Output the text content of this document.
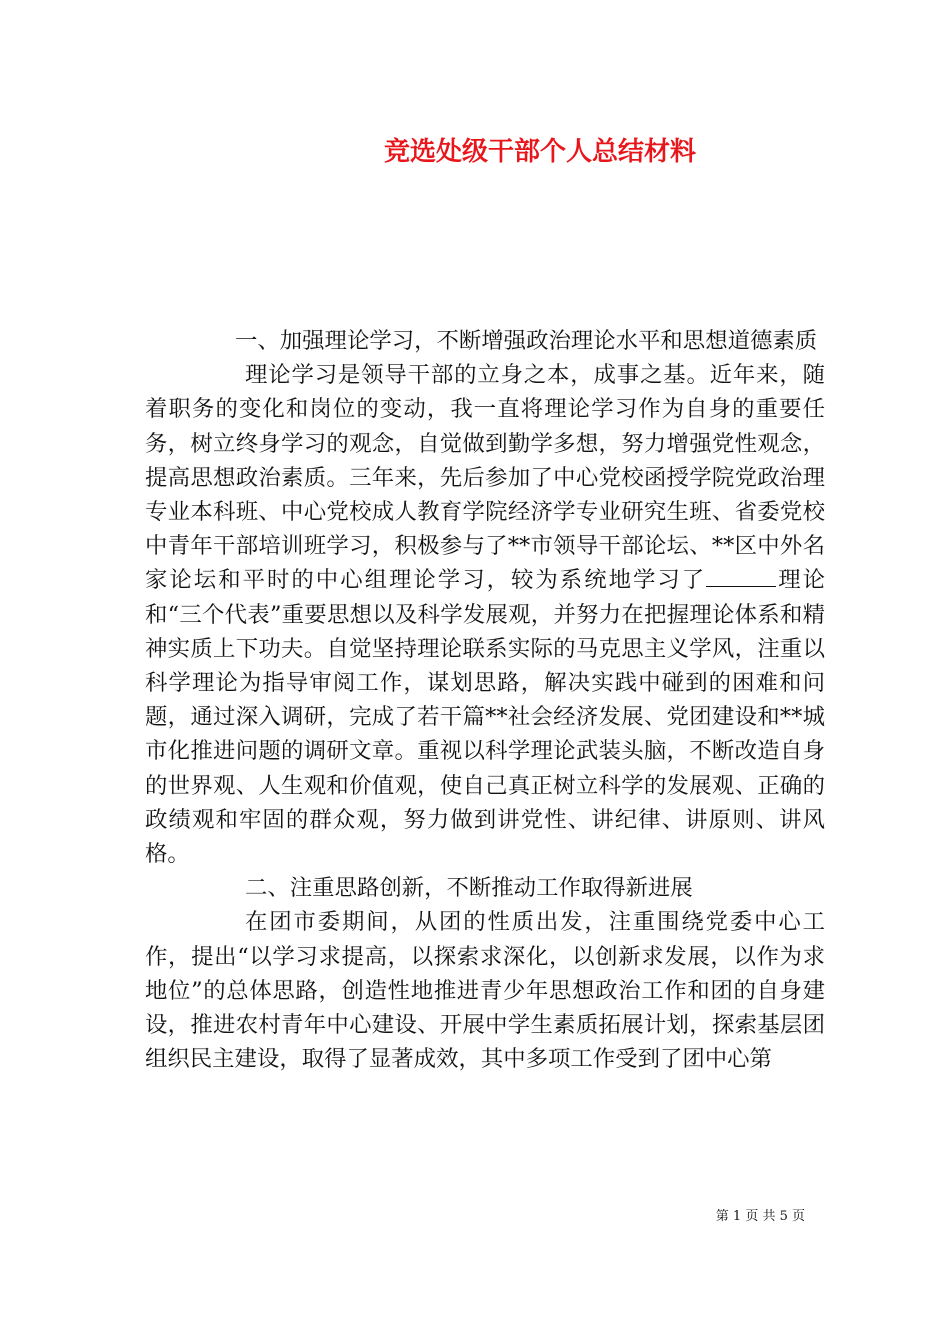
竞选处级干部个人总结材料

一、加强理论学习，不断增强政治理论水平和思想道德素质

理论学习是领导干部的立身之本，成事之基。近年来，随着职务的变化和岗位的变动，我一直将理论学习作为自身的重要任务，树立终身学习的观念，自觉做到勤学多想，努力增强党性观念，提高思想政治素质。三年来，先后参加了中心党校函授学院党政治理专业本科班、中心党校成人教育学院经济学专业研究生班、省委党校中青年干部培训班学习，积极参与了**市领导干部论坛、**区中外名家论坛和平时的中心组理论学习，较为系统地学习了	理论和“三个代表”重要思想以及科学发展观，并努力在把握理论体系和精神实质上下功夫。自觉坚持理论联系实际的马克思主义学风，注重以科学理论为指导审阅工作，谋划思路，解决实践中碰到的困难和问题，通过深入调研，完成了若干篇**社会经济发展、党团建设和**城市化推进问题的调研文章。重视以科学理论武装头脑，不断改造自身的世界观、人生观和价值观，使自己真正树立科学的发展观、正确的政绩观和牢固的群众观，努力做到讲党性、讲纪律、讲原则、讲风格。

二、注重思路创新，不断推动工作取得新进展

在团市委期间，从团的性质出发，注重围绕党委中心工作，提出“以学习求提高，以探索求深化，以创新求发展，以作为求地位”的总体思路，创造性地推进青少年思想政治工作和团的自身建设，推进农村青年中心建设、开展中学生素质拓展计划，探索基层团组织民主建设，取得了显著成效，其中多项工作受到了团中心第

第 1 页 共 5 页
